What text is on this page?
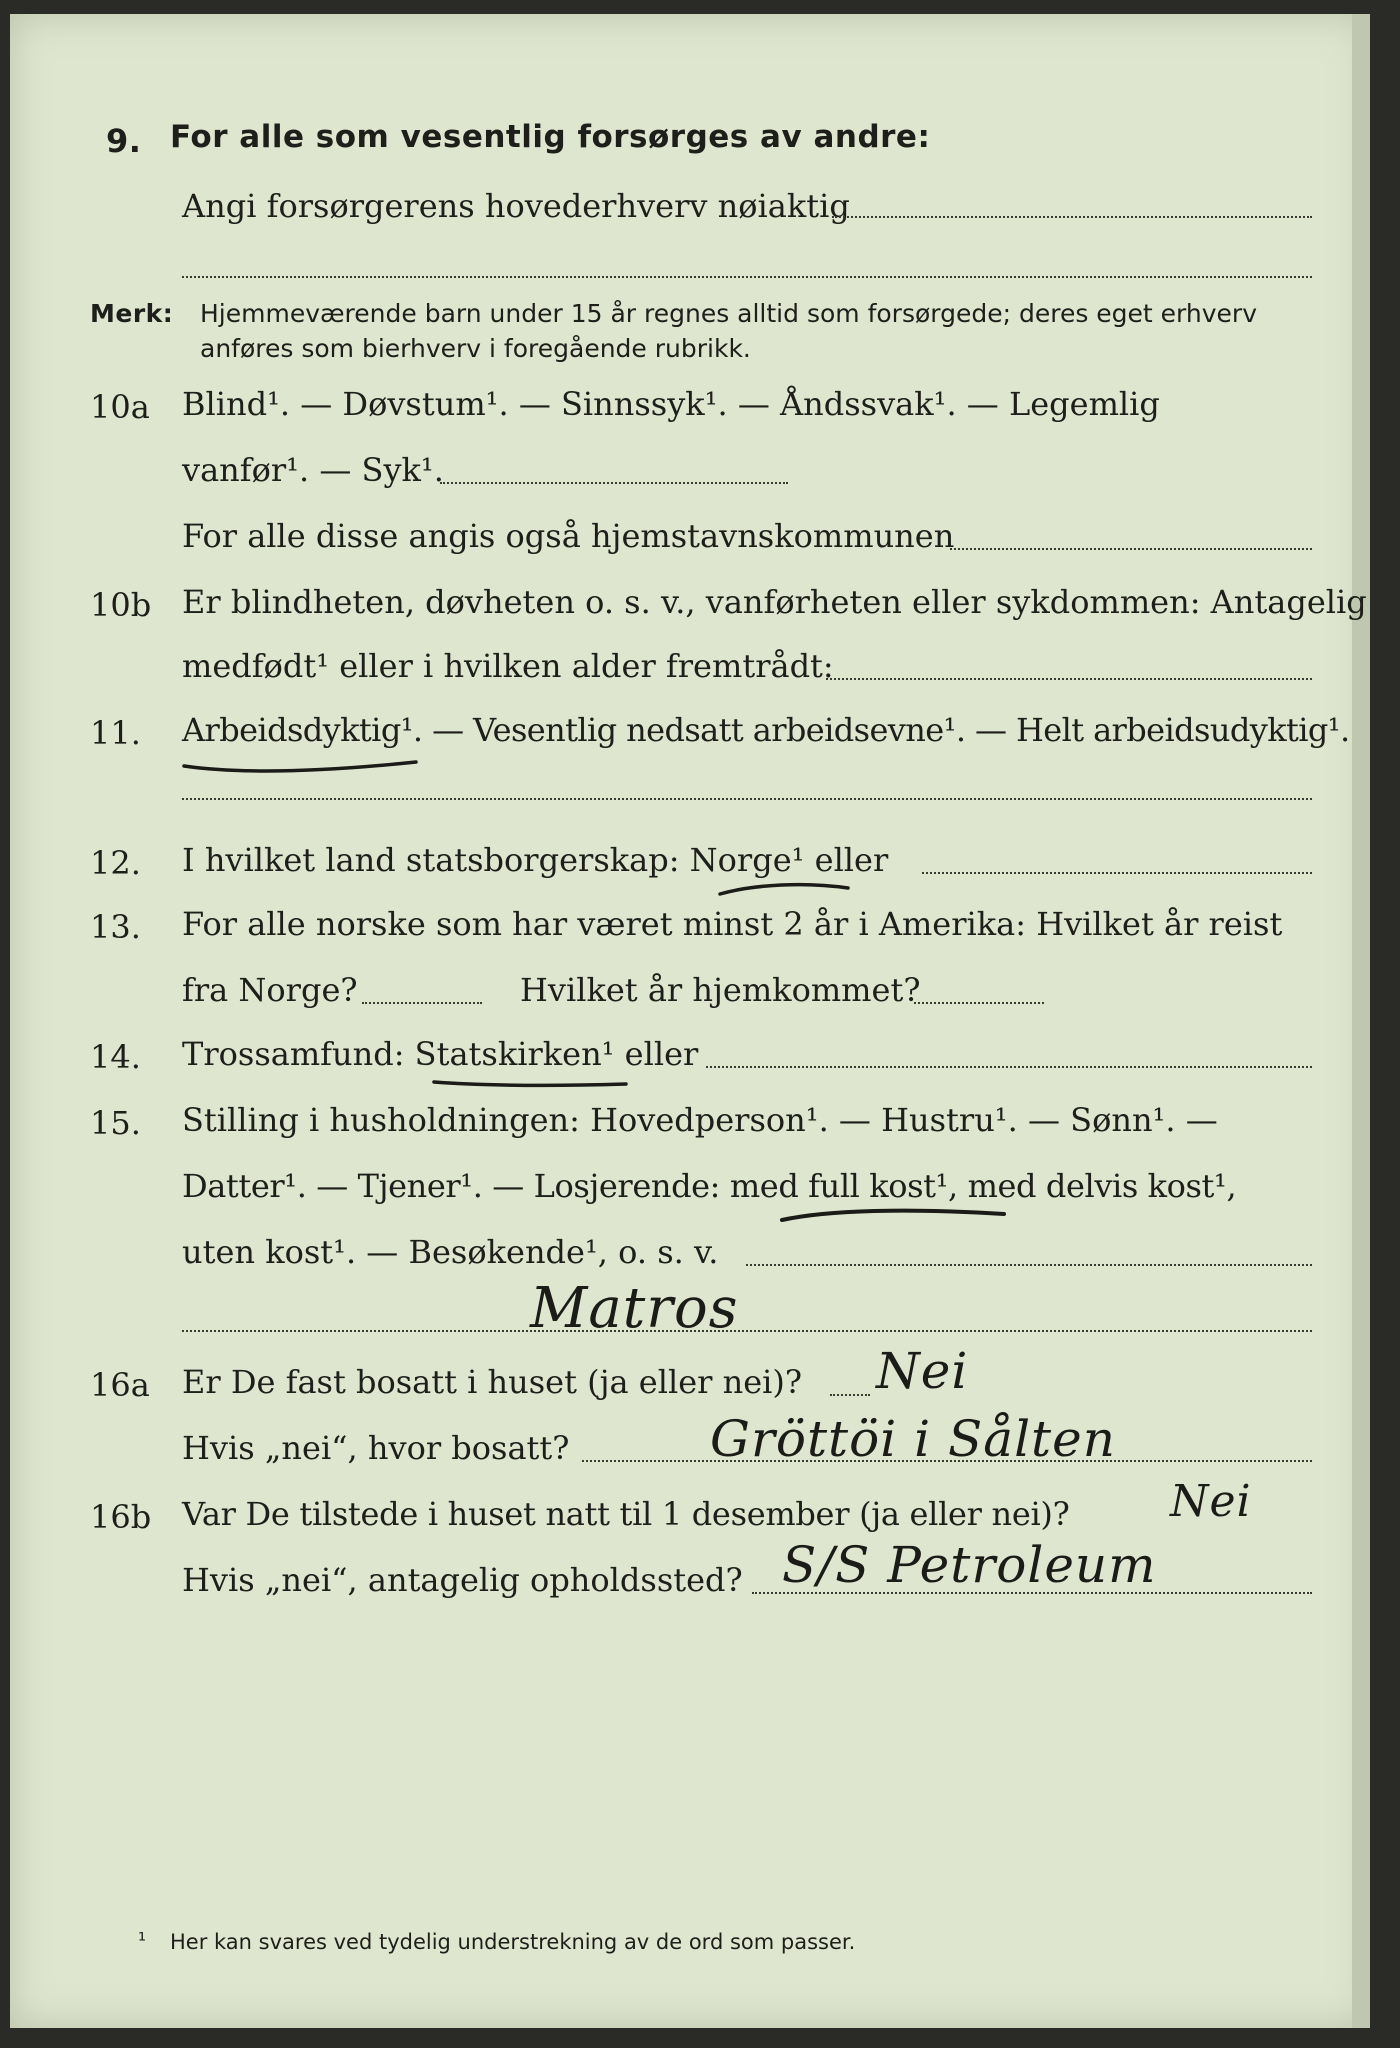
9. For alle som vesentlig forsørges av andre:
Angi forsørgerens hovederhverv nøiaktig
Merk: Hjemmeværende barn under 15 år regnes alltid som forsørgede; deres eget erhverv
anføres som bierhverv i foregående rubrikk.
10a Blind¹. — Døvstum¹. — Sinnssyk¹. — Åndssvak¹. — Legemlig
vanfør¹. — Syk¹.
For alle disse angis også hjemstavnskommunen
10b Er blindheten, døvheten o. s. v., vanførheten eller sykdommen: Antagelig
medfødt¹ eller i hvilken alder fremtrådt:
11. Arbeidsdyktig¹. — Vesentlig nedsatt arbeidsevne¹. — Helt arbeidsudyktig¹.
12. I hvilket land statsborgerskap: Norge¹ eller
13. For alle norske som har været minst 2 år i Amerika: Hvilket år reist
fra Norge?	Hvilket år hjemkommet?
14. Trossamfund: Statskirken¹ eller
15. Stilling i husholdningen: Hovedperson¹. — Hustru¹. — Sønn¹. —
Datter¹. — Tjener¹. — Losjerende: med full kost¹, med delvis kost¹,
uten kost¹. — Besøkende¹, o. s. v.
Matros
16a Er De fast bosatt i huset (ja eller nei)? Nei
Hvis „nei“, hvor bosatt?	Gröttöi i Sålten
16b Var De tilstede i huset natt til 1 desember (ja eller nei)? Nei
Hvis „nei“, antagelig opholdssted? S/S Petroleum
¹ Her kan svares ved tydelig understrekning av de ord som passer.
